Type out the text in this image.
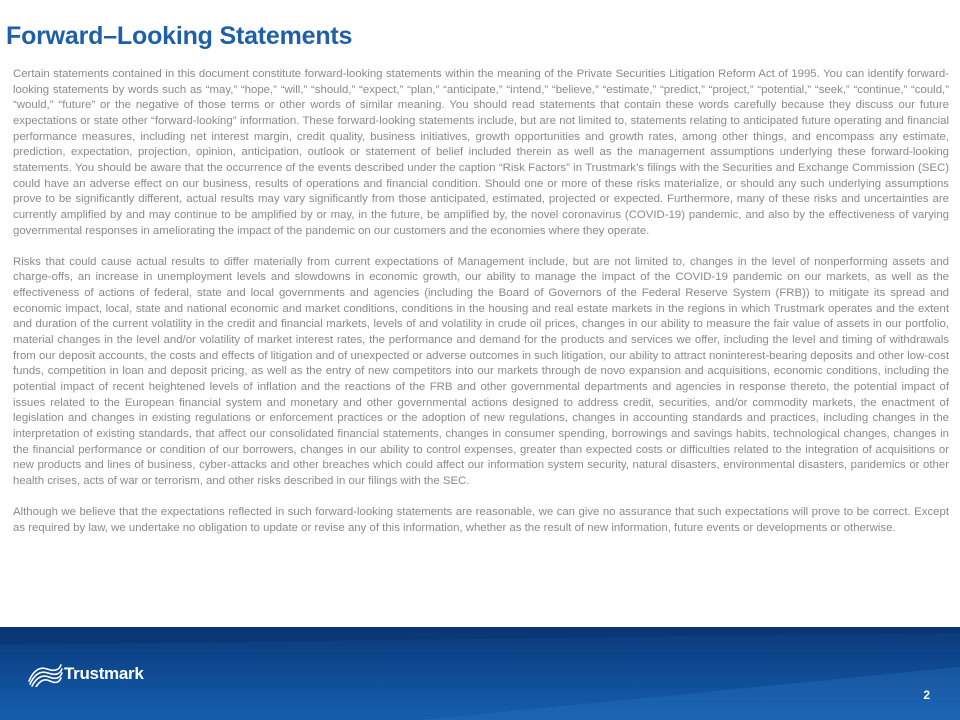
Forward–Looking Statements

Certain statements contained in this document constitute forward-looking statements within the meaning of the Private Securities Litigation Reform Act of 1995. You can identify forward-looking statements by words such as “may,” “hope,” “will,” “should,” “expect,” “plan,” “anticipate,” “intend,” “believe,” “estimate,” “predict,” “project,” “potential,” “seek,” “continue,” “could,” “would,” “future” or the negative of those terms or other words of similar meaning. You should read statements that contain these words carefully because they discuss our future expectations or state other “forward-looking” information. These forward-looking statements include, but are not limited to, statements relating to anticipated future operating and financial performance measures, including net interest margin, credit quality, business initiatives, growth opportunities and growth rates, among other things, and encompass any estimate, prediction, expectation, projection, opinion, anticipation, outlook or statement of belief included therein as well as the management assumptions underlying these forward-looking statements. You should be aware that the occurrence of the events described under the caption “Risk Factors” in Trustmark’s filings with the Securities and Exchange Commission (SEC) could have an adverse effect on our business, results of operations and financial condition. Should one or more of these risks materialize, or should any such underlying assumptions prove to be significantly different, actual results may vary significantly from those anticipated, estimated, projected or expected. Furthermore, many of these risks and uncertainties are currently amplified by and may continue to be amplified by or may, in the future, be amplified by, the novel coronavirus (COVID-19) pandemic, and also by the effectiveness of varying governmental responses in ameliorating the impact of the pandemic on our customers and the economies where they operate.

Risks that could cause actual results to differ materially from current expectations of Management include, but are not limited to, changes in the level of nonperforming assets and charge-offs, an increase in unemployment levels and slowdowns in economic growth, our ability to manage the impact of the COVID-19 pandemic on our markets, as well as the effectiveness of actions of federal, state and local governments and agencies (including the Board of Governors of the Federal Reserve System (FRB)) to mitigate its spread and economic impact, local, state and national economic and market conditions, conditions in the housing and real estate markets in the regions in which Trustmark operates and the extent and duration of the current volatility in the credit and financial markets, levels of and volatility in crude oil prices, changes in our ability to measure the fair value of assets in our portfolio, material changes in the level and/or volatility of market interest rates, the performance and demand for the products and services we offer, including the level and timing of withdrawals from our deposit accounts, the costs and effects of litigation and of unexpected or adverse outcomes in such litigation, our ability to attract noninterest-bearing deposits and other low-cost funds, competition in loan and deposit pricing, as well as the entry of new competitors into our markets through de novo expansion and acquisitions, economic conditions, including the potential impact of recent heightened levels of inflation and the reactions of the FRB and other governmental departments and agencies in response thereto, the potential impact of issues related to the European financial system and monetary and other governmental actions designed to address credit, securities, and/or commodity markets, the enactment of legislation and changes in existing regulations or enforcement practices or the adoption of new regulations, changes in accounting standards and practices, including changes in the interpretation of existing standards, that affect our consolidated financial statements, changes in consumer spending, borrowings and savings habits, technological changes, changes in the financial performance or condition of our borrowers, changes in our ability to control expenses, greater than expected costs or difficulties related to the integration of acquisitions or new products and lines of business, cyber-attacks and other breaches which could affect our information system security, natural disasters, environmental disasters, pandemics or other health crises, acts of war or terrorism, and other risks described in our filings with the SEC.

Although we believe that the expectations reflected in such forward-looking statements are reasonable, we can give no assurance that such expectations will prove to be correct. Except as required by law, we undertake no obligation to update or revise any of this information, whether as the result of new information, future events or developments or otherwise.

Trustmark
2
